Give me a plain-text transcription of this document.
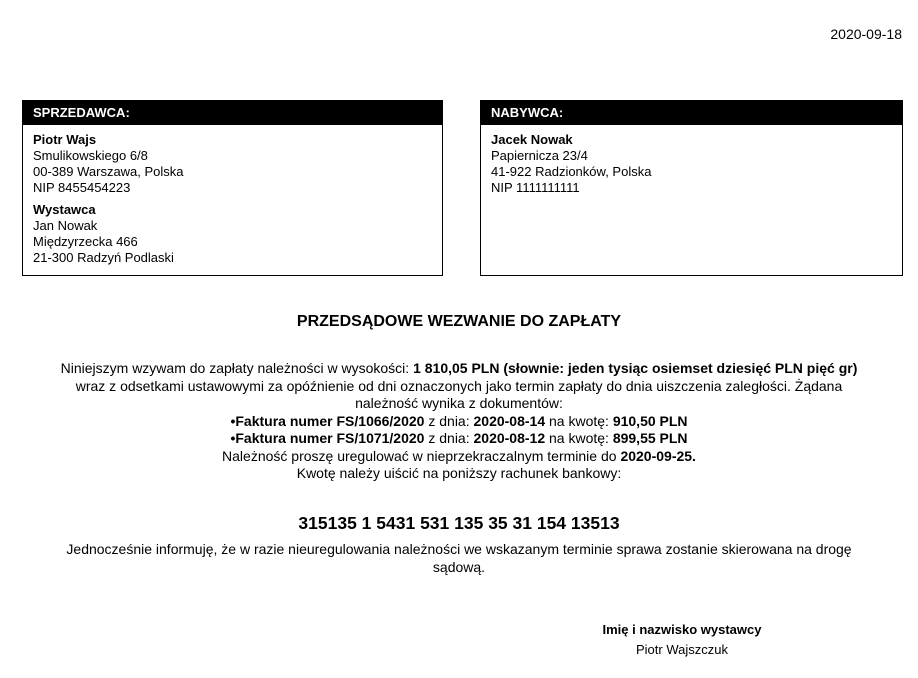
2020-09-18
SPRZEDAWCA:
Piotr Wajs
Smulikowskiego 6/8
00-389 Warszawa, Polska
NIP 8455454223
Wystawca
Jan Nowak
Międzyrzecka 466
21-300 Radzyń Podlaski
NABYWCA:
Jacek Nowak
Papiernicza 23/4
41-922 Radzionków, Polska
NIP 1111111111
PRZEDSĄDOWE WEZWANIE DO ZAPŁATY
Niniejszym wzywam do zapłaty należności w wysokości: 1 810,05 PLN (słownie: jeden tysiąc osiemset dziesięć PLN pięć gr)
wraz z odsetkami ustawowymi za opóźnienie od dni oznaczonych jako termin zapłaty do dnia uiszczenia zaległości. Żądana
należność wynika z dokumentów:
•Faktura numer FS/1066/2020 z dnia: 2020-08-14 na kwotę: 910,50 PLN
•Faktura numer FS/1071/2020 z dnia: 2020-08-12 na kwotę: 899,55 PLN
Należność proszę uregulować w nieprzekraczalnym terminie do 2020-09-25.
Kwotę należy uiścić na poniższy rachunek bankowy:
315135 1 5431 531 135 35 31 154 13513
Jednocześnie informuję, że w razie nieuregulowania należności we wskazanym terminie sprawa zostanie skierowana na drogę
sądową.
Imię i nazwisko wystawcy
Piotr Wajszczuk
